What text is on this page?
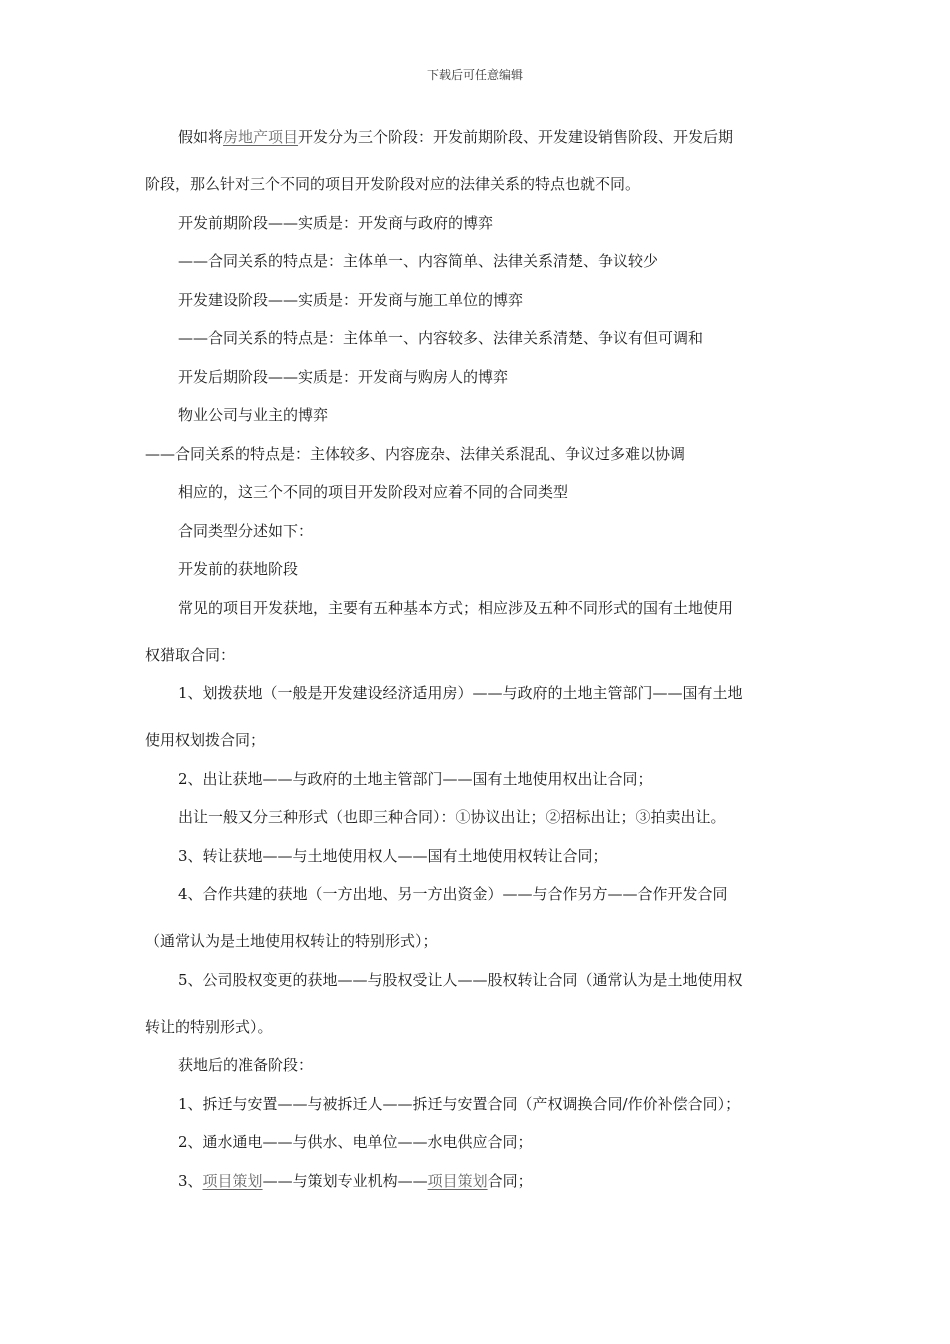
下载后可任意编辑
假如将房地产项目开发分为三个阶段：开发前期阶段、开发建设销售阶段、开发后期
阶段，那么针对三个不同的项目开发阶段对应的法律关系的特点也就不同。
开发前期阶段——实质是：开发商与政府的博弈
——合同关系的特点是：主体单一、内容简单、法律关系清楚、争议较少
开发建设阶段——实质是：开发商与施工单位的博弈
——合同关系的特点是：主体单一、内容较多、法律关系清楚、争议有但可调和
开发后期阶段——实质是：开发商与购房人的博弈
物业公司与业主的博弈
——合同关系的特点是：主体较多、内容庞杂、法律关系混乱、争议过多难以协调
相应的，这三个不同的项目开发阶段对应着不同的合同类型
合同类型分述如下：
开发前的获地阶段
常见的项目开发获地，主要有五种基本方式；相应涉及五种不同形式的国有土地使用
权猎取合同：
1、划拨获地（一般是开发建设经济适用房）——与政府的土地主管部门——国有土地
使用权划拨合同；
2、出让获地——与政府的土地主管部门——国有土地使用权出让合同；
出让一般又分三种形式（也即三种合同）：①协议出让；②招标出让；③拍卖出让。
3、转让获地——与土地使用权人——国有土地使用权转让合同；
4、合作共建的获地（一方出地、另一方出资金）——与合作另方——合作开发合同
（通常认为是土地使用权转让的特别形式）；
5、公司股权变更的获地——与股权受让人——股权转让合同（通常认为是土地使用权
转让的特别形式）。
获地后的准备阶段：
1、拆迁与安置——与被拆迁人——拆迁与安置合同（产权调换合同/作价补偿合同）；
2、通水通电——与供水、电单位——水电供应合同；
3、项目策划——与策划专业机构——项目策划合同；
